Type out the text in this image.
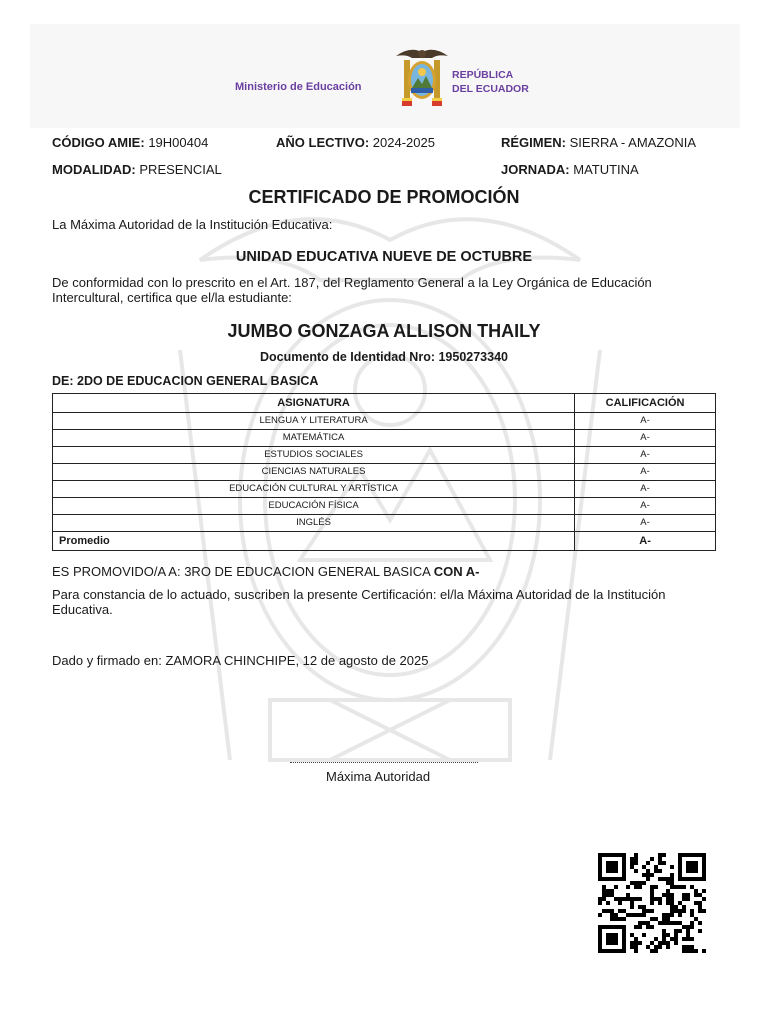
Ministerio de Educación
REPÚBLICA
DEL ECUADOR
CÓDIGO AMIE: 19H00404	AÑO LECTIVO: 2024-2025	RÉGIMEN: SIERRA - AMAZONIA
MODALIDAD: PRESENCIAL	JORNADA: MATUTINA
CERTIFICADO DE PROMOCIÓN
La Máxima Autoridad de la Institución Educativa:
UNIDAD EDUCATIVA NUEVE DE OCTUBRE
De conformidad con lo prescrito en el Art. 187, del Reglamento General a la Ley Orgánica de Educación Intercultural, certifica que el/la estudiante:
JUMBO GONZAGA ALLISON THAILY
Documento de Identidad Nro: 1950273340
DE: 2DO DE EDUCACION GENERAL BASICA
ASIGNATURA	CALIFICACIÓN
LENGUA Y LITERATURA	A-
MATEMÁTICA	A-
ESTUDIOS SOCIALES	A-
CIENCIAS NATURALES	A-
EDUCACIÓN CULTURAL Y ARTÍSTICA	A-
EDUCACIÓN FÍSICA	A-
INGLÉS	A-
Promedio	A-
ES PROMOVIDO/A A: 3RO DE EDUCACION GENERAL BASICA CON A-
Para constancia de lo actuado, suscriben la presente Certificación: el/la Máxima Autoridad de la Institución Educativa.
Dado y firmado en: ZAMORA CHINCHIPE, 12 de agosto de 2025
Máxima Autoridad
